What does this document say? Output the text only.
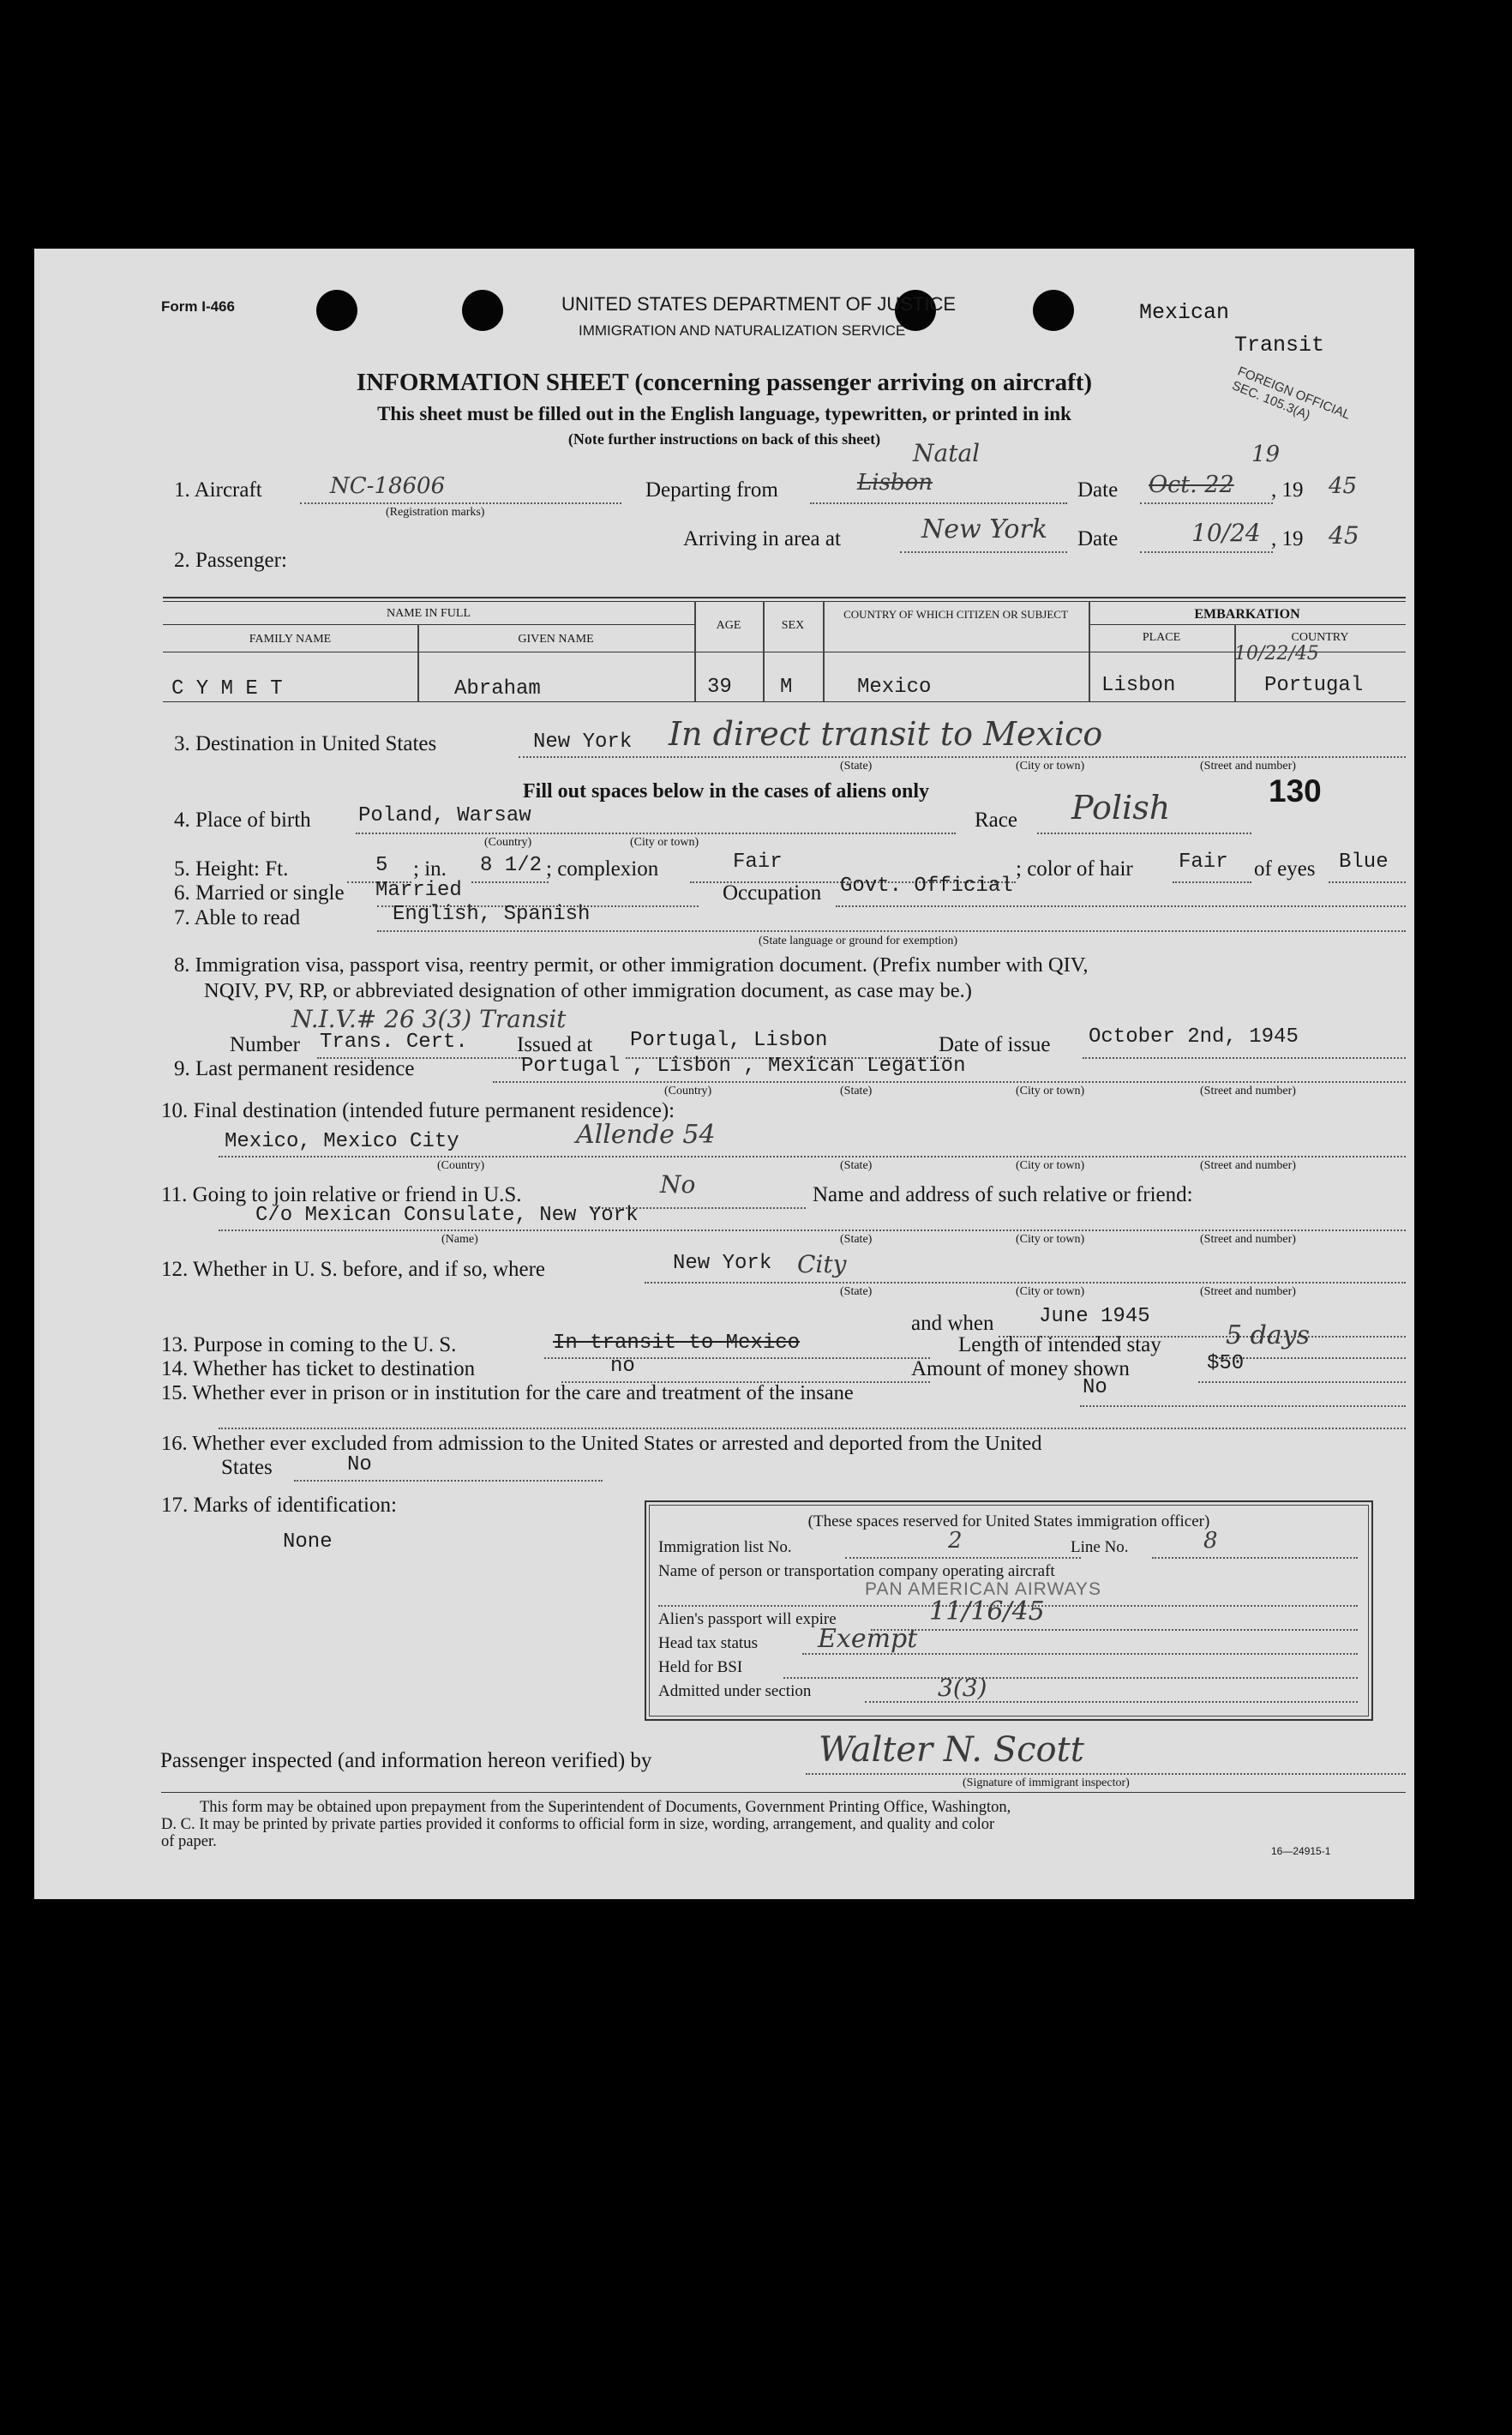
Form I-466	UNITED STATES DEPARTMENT OF JUSTICE
IMMIGRATION AND NATURALIZATION SERVICE
Mexican
Transit
FOREIGN OFFICIAL SEC. 105.3(A)
INFORMATION SHEET (concerning passenger arriving on aircraft)
This sheet must be filled out in the English language, typewritten, or printed in ink
(Note further instructions on back of this sheet)
1. Aircraft	NC-18606
(Registration marks)
Departing from	Lisbon
Natal
Date Oct. 22
19
, 19 45
Arriving in area at	New York Date	10/24 , 19 45
2. Passenger:
NAME IN FULL
FAMILY NAME	GIVEN NAME
AGE	SEX
COUNTRY OF WHICH CITIZEN OR SUBJECT	EMBARKATION
PLACE	COUNTRY
C Y M E T	Abraham	39 M	Mexico	Lisbon	Portugal
10/22/45
3. Destination in United States	New York In direct transit to Mexico
(State)	(City or town)	(Street and number)
Fill out spaces below in the cases of aliens only	130
4. Place of birth Poland, Warsaw
(Country)	(City or town)
Race Polish
5. Height: Ft.	5 ; in. 8 1/2 ; complexion	Fair	; color of hair Fair of eyes Blue
6. Married or single Married	Occupation Govt. Official
7. Able to read	English, Spanish
(State language or ground for exemption)
8. Immigration visa, passport visa, reentry permit, or other immigration document. (Prefix number with QIV,
NQIV, PV, RP, or abbreviated designation of other immigration document, as case may be.)
N.I.V.# 26 3(3) Transit
Number Trans. Cert. Issued at Portugal, Lisbon	Date of issue October 2nd, 1945
9. Last permanent residence	Portugal , Lisbon , Mexican Legation
(Country)	(State)	(City or town)	(Street and number)
10. Final destination (intended future permanent residence):
Mexico, Mexico City	Allende 54
(Country)	(State)	(City or town)	(Street and number)
11. Going to join relative or friend in U.S.	No	Name and address of such relative or friend:
C/o Mexican Consulate, New York
(Name)	(State)	(City or town)	(Street and number)
12. Whether in U. S. before, and if so, where	New York City
(State)	(City or town)	(Street and number)
and when June 1945
13. Purpose in coming to the U. S.	In transit to Mexico	Length of intended stay	5 days
14. Whether has ticket to destination	no	Amount of money shown	$50
15. Whether ever in prison or in institution for the care and treatment of the insane	No
16. Whether ever excluded from admission to the United States or arrested and deported from the United
States	No
17. Marks of identification:
None
(These spaces reserved for United States immigration officer)
Immigration list No.	2	Line No.	8
Name of person or transportation company operating aircraft
PAN AMERICAN AIRWAYS
Alien's passport will expire	11/16/45
Head tax status Exempt
Held for BSI
Admitted under section	3(3)
Passenger inspected (and information hereon verified) by	Walter N. Scott
(Signature of immigrant inspector)
This form may be obtained upon prepayment from the Superintendent of Documents, Government Printing Office, Washington,
D. C. It may be printed by private parties provided it conforms to official form in size, wording, arrangement, and quality and color
of paper.
16—24915-1
